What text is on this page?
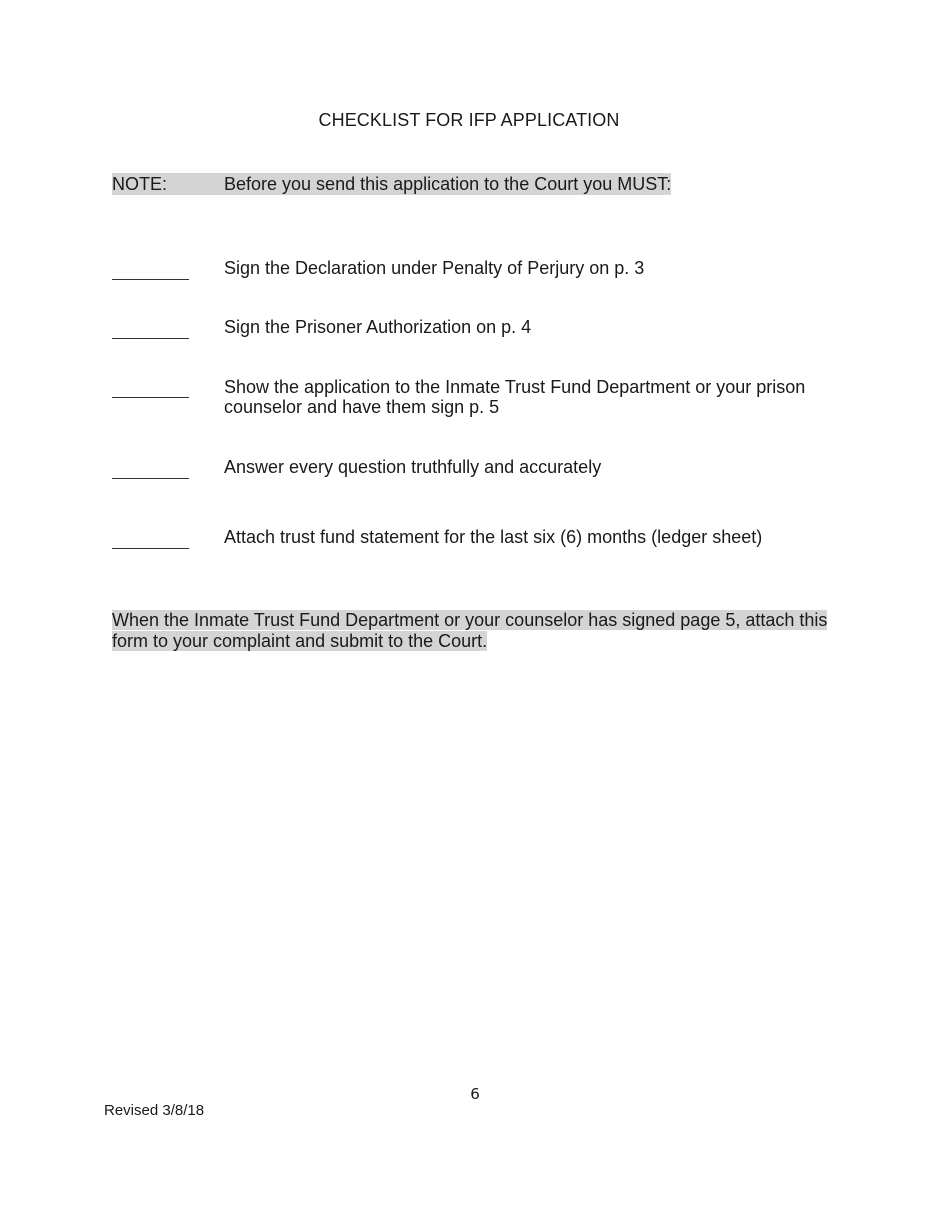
CHECKLIST FOR IFP APPLICATION
NOTE:	Before you send this application to the Court you MUST:
Sign the Declaration under Penalty of Perjury on p. 3
Sign the Prisoner Authorization on p. 4
Show the application to the Inmate Trust Fund Department or your prison counselor and have them sign p. 5
Answer every question truthfully and accurately
Attach trust fund statement for the last six (6) months (ledger sheet)
When the Inmate Trust Fund Department or your counselor has signed page 5, attach this form to your complaint and submit to the Court.
6
Revised 3/8/18
